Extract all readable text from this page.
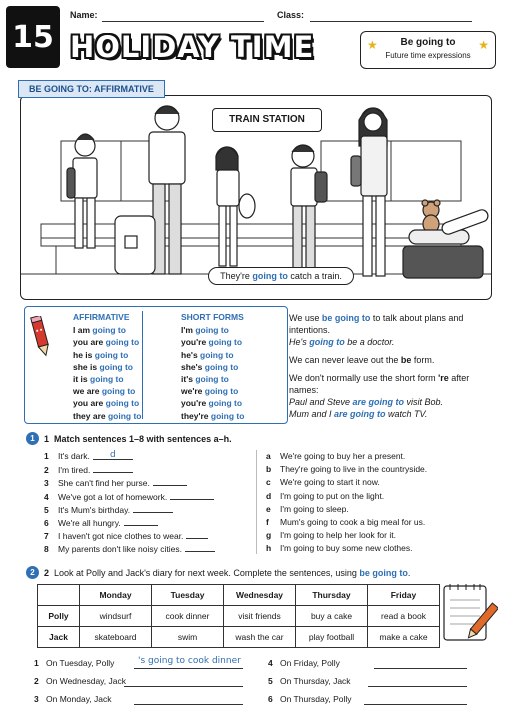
15
Name:	Class:
HOLIDAY TIME	★	★
Be going to
Future time expressions
BE GOING TO: AFFIRMATIVE
TRAIN STATION
They're going to catch a train.
AFFIRMATIVE
I am going to
you are going to
he is going to
she is going to
it is going to
we are going to
you are going to
they are going to
SHORT FORMS
I'm going to
you're going to
he's going to
she's going to
it's going to
we're going to
you're going to
they're going to

We use be going to to talk about plans and intentions.
He's going to be a doctor.

We can never leave out the be form.

We don't normally use the short form 're after names:
Paul and Steve are going to visit Bob.
Mum and I are going to watch TV.

1	1 Match sentences 1–8 with sentences a–h.
1 It's dark. d
2 I'm tired.
3 She can't find her purse.
4 We've got a lot of homework.
5 It's Mum's birthday.
6 We're all hungry.
7 I haven't got nice clothes to wear.
8 My parents don't like noisy cities.
a We're going to buy her a present.
b They're going to live in the countryside.
c We're going to start it now.
d I'm going to put on the light.
e I'm going to sleep.
f Mum's going to cook a big meal for us.
g I'm going to help her look for it.
h I'm going to buy some new clothes.
2	2 Look at Polly and Jack's diary for next week. Complete the sentences, using be going to.
	Monday	Tuesday	Wednesday	Thursday	Friday
Polly	windsurf	cook dinner	visit friends	buy a cake	read a book
Jack	skateboard	swim	wash the car	play football	make a cake
1 On Tuesday, Polly	's going to cook dinner
2 On Wednesday, Jack
3 On Monday, Jack
4 On Friday, Polly
5 On Thursday, Jack
6 On Thursday, Polly
